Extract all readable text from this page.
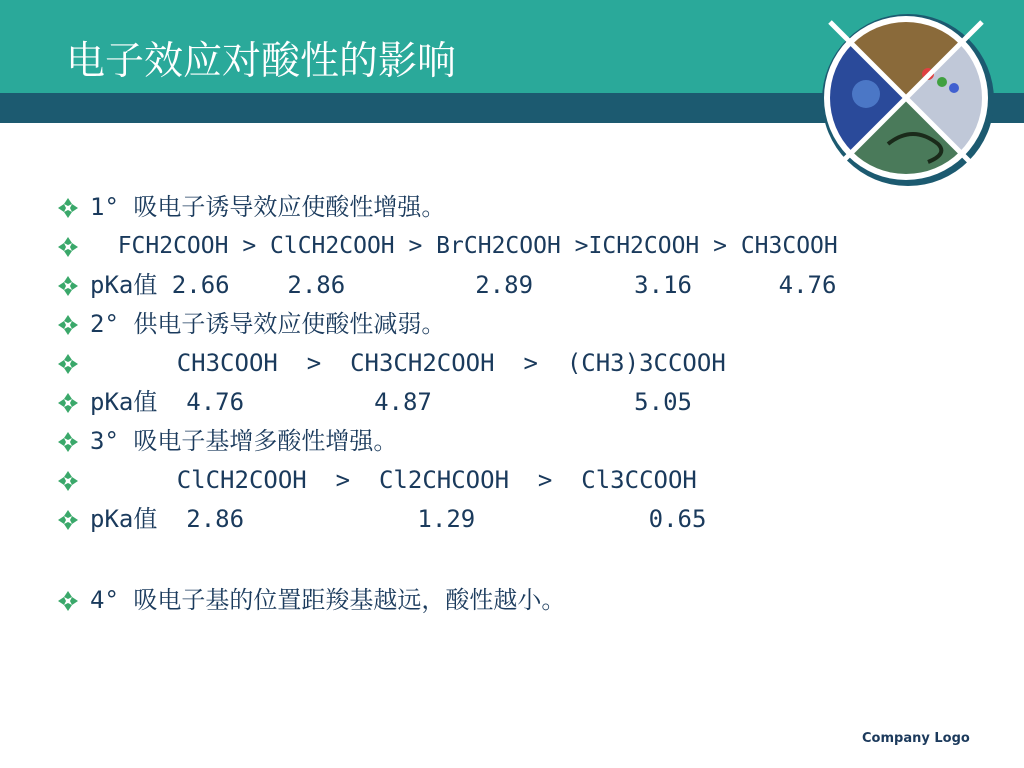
电子效应对酸性的影响

1° 吸电子诱导效应使酸性增强。

FCH2COOH > ClCH2COOH > BrCH2COOH >ICH2COOH > CH3COOH

pKa值 2.66    2.86         2.89       3.16      4.76

2° 供电子诱导效应使酸性减弱。

CH3COOH  >  CH3CH2COOH  >  (CH3)3CCOOH

pKa值  4.76         4.87              5.05

3° 吸电子基增多酸性增强。

ClCH2COOH  >  Cl2CHCOOH  >  Cl3CCOOH

pKa值  2.86            1.29            0.65

4° 吸电子基的位置距羧基越远，酸性越小。

Company Logo
